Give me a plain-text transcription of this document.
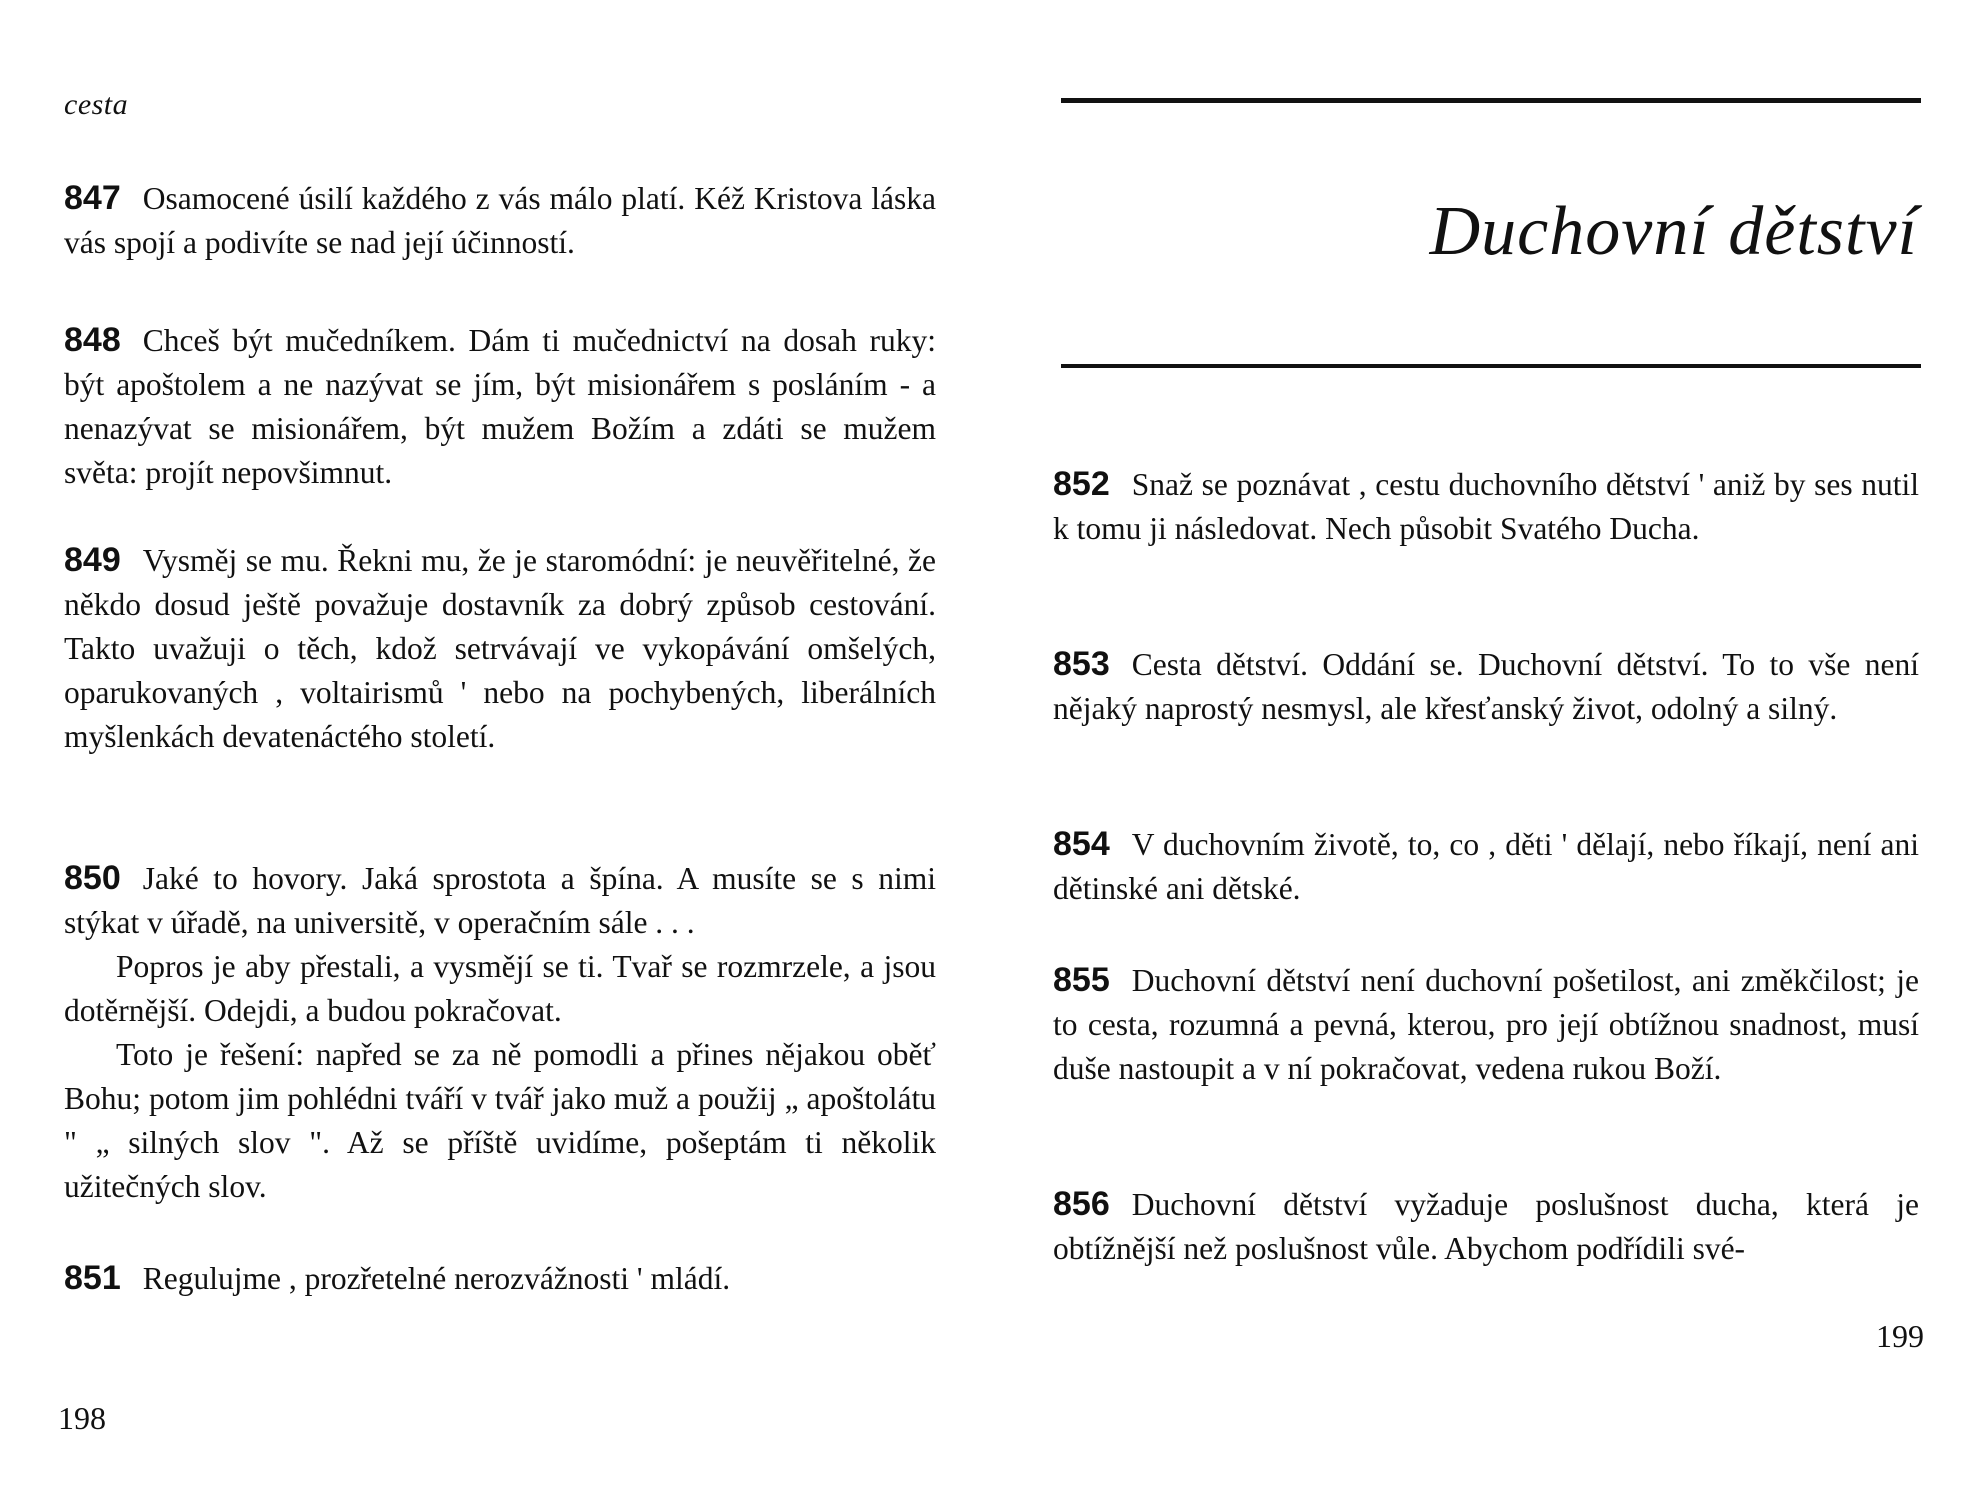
cesta

847 Osamocené úsilí každého z vás málo platí. Kéž Kristova láska vás spojí a podivíte se nad její účinností.

848 Chceš být mučedníkem. Dám ti mučednictví na dosah ruky: být apoštolem a ne nazývat se jím, být misionářem s posláním - a nenazývat se misionářem, být mužem Božím a zdáti se mužem světa: projít nepovšimnut.

849 Vysměj se mu. Řekni mu, že je staromódní: je neuvěřitelné, že někdo dosud ještě považuje dostavník za dobrý způsob cestování. Takto uvažuji o těch, kdož setrvávají ve vykopávání omšelých, oparukovaných , voltairismů ' nebo na pochybených, liberálních myšlenkách devatenáctého století.

850 Jaké to hovory. Jaká sprostota a špína. A musíte se s nimi stýkat v úřadě, na universitě, v operačním sále . . .

Popros je aby přestali, a vysmějí se ti. Tvař se rozmrzele, a jsou dotěrnější. Odejdi, a budou pokračovat.

Toto je řešení: napřed se za ně pomodli a přines nějakou oběť Bohu; potom jim pohlédni tváří v tvář jako muž a použij „ apoštolátu " „ silných slov ". Až se příště uvidíme, pošeptám ti několik užitečných slov.

851 Regulujme , prozřetelné nerozvážnosti ' mládí.

198
Duchovní dětství

852 Snaž se poznávat , cestu duchovního dětství ' aniž by ses nutil k tomu ji následovat. Nech působit Svatého Ducha.

853 Cesta dětství. Oddání se. Duchovní dětství. To to vše není nějaký naprostý nesmysl, ale křesťanský život, odolný a silný.

854 V duchovním životě, to, co , děti ' dělají, nebo říkají, není ani dětinské ani dětské.

855 Duchovní dětství není duchovní pošetilost, ani změkčilost; je to cesta, rozumná a pevná, kterou, pro její obtížnou snadnost, musí duše nastoupit a v ní pokračovat, vedena rukou Boží.

856 Duchovní dětství vyžaduje poslušnost ducha, která je obtížnější než poslušnost vůle. Abychom podřídili své-

199
